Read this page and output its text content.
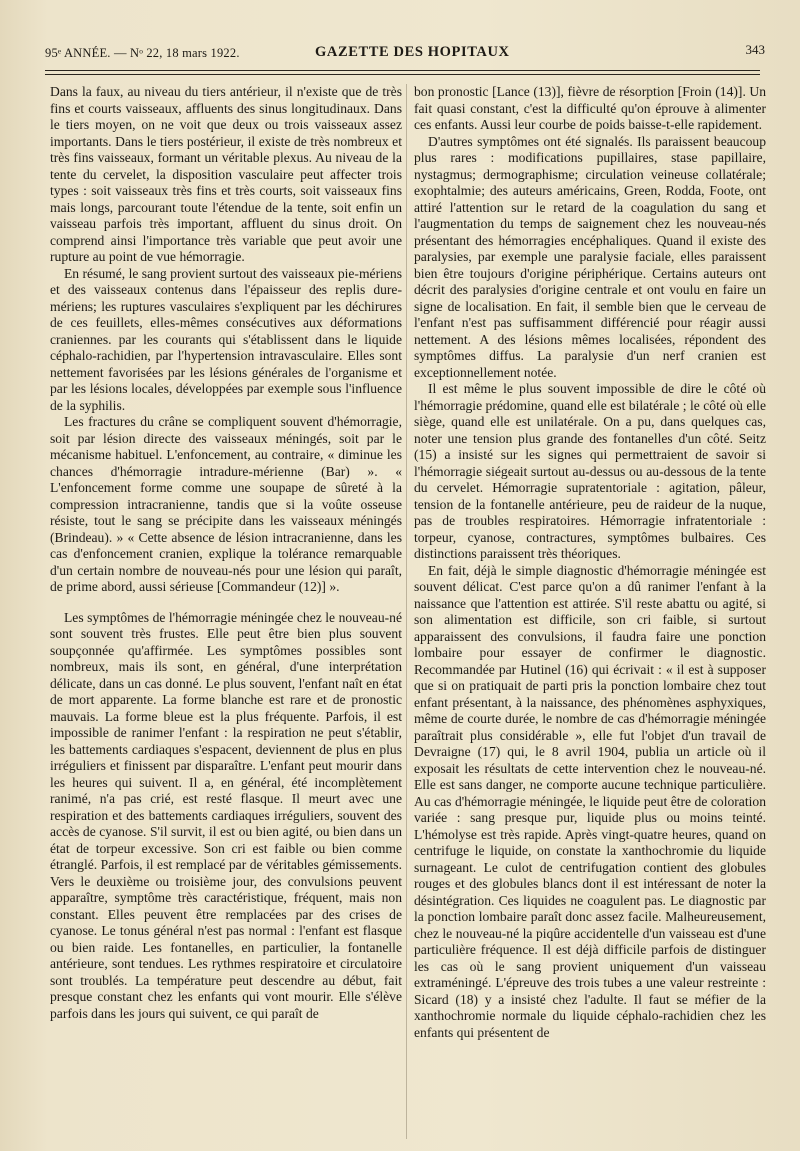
95ᵉ ANNÉE. — Nᵒ 22, 18 mars 1922.	GAZETTE DES HOPITAUX	343

Dans la faux, au niveau du tiers antérieur, il n'existe que de très fins et courts vaisseaux, affluents des sinus longitudinaux. Dans le tiers moyen, on ne voit que deux ou trois vaisseaux assez importants. Dans le tiers postérieur, il existe de très nombreux et très fins vaisseaux, formant un véritable plexus. Au niveau de la tente du cervelet, la disposition vasculaire peut affecter trois types : soit vaisseaux très fins et très courts, soit vaisseaux fins mais longs, parcourant toute l'étendue de la tente, soit enfin un vaisseau parfois très important, affluent du sinus droit. On comprend ainsi l'importance très variable que peut avoir une rupture au point de vue hémorragie.

En résumé, le sang provient surtout des vaisseaux pie-mériens et des vaisseaux contenus dans l'épaisseur des replis dure-mériens; les ruptures vasculaires s'expliquent par les déchirures de ces feuillets, elles-mêmes consécutives aux déformations craniennes. par les courants qui s'établissent dans le liquide céphalo-rachidien, par l'hypertension intravasculaire. Elles sont nettement favorisées par les lésions générales de l'organisme et par les lésions locales, développées par exemple sous l'influence de la syphilis.

Les fractures du crâne se compliquent souvent d'hémorragie, soit par lésion directe des vaisseaux méningés, soit par le mécanisme habituel. L'enfoncement, au contraire, « diminue les chances d'hémorragie intradure-mérienne (Bar) ». « L'enfoncement forme comme une soupape de sûreté à la compression intracranienne, tandis que si la voûte osseuse résiste, tout le sang se précipite dans les vaisseaux méningés (Brindeau). » « Cette absence de lésion intracranienne, dans les cas d'enfoncement cranien, explique la tolérance remarquable d'un certain nombre de nouveau-nés pour une lésion qui paraît, de prime abord, aussi sérieuse [Commandeur (12)] ».

Les symptômes de l'hémorragie méningée chez le nouveau-né sont souvent très frustes. Elle peut être bien plus souvent soupçonnée qu'affirmée. Les symptômes possibles sont nombreux, mais ils sont, en général, d'une interprétation délicate, dans un cas donné. Le plus souvent, l'enfant naît en état de mort apparente. La forme blanche est rare et de pronostic mauvais. La forme bleue est la plus fréquente. Parfois, il est impossible de ranimer l'enfant : la respiration ne peut s'établir, les battements cardiaques s'espacent, deviennent de plus en plus irréguliers et finissent par disparaître. L'enfant peut mourir dans les heures qui suivent. Il a, en général, été incomplètement ranimé, n'a pas crié, est resté flasque. Il meurt avec une respiration et des battements cardiaques irréguliers, souvent des accès de cyanose. S'il survit, il est ou bien agité, ou bien dans un état de torpeur excessive. Son cri est faible ou bien comme étranglé. Parfois, il est remplacé par de véritables gémissements. Vers le deuxième ou troisième jour, des convulsions peuvent apparaître, symptôme très caractéristique, fréquent, mais non constant. Elles peuvent être remplacées par des crises de cyanose. Le tonus général n'est pas normal : l'enfant est flasque ou bien raide. Les fontanelles, en particulier, la fontanelle antérieure, sont tendues. Les rythmes respiratoire et circulatoire sont troublés. La température peut descendre au début, fait presque constant chez les enfants qui vont mourir. Elle s'élève parfois dans les jours qui suivent, ce qui paraît de

bon pronostic [Lance (13)], fièvre de résorption [Froin (14)]. Un fait quasi constant, c'est la difficulté qu'on éprouve à alimenter ces enfants. Aussi leur courbe de poids baisse-t-elle rapidement.

D'autres symptômes ont été signalés. Ils paraissent beaucoup plus rares : modifications pupillaires, stase papillaire, nystagmus; dermographisme; circulation veineuse collatérale; exophtalmie; des auteurs américains, Green, Rodda, Foote, ont attiré l'attention sur le retard de la coagulation du sang et l'augmentation du temps de saignement chez les nouveau-nés présentant des hémorragies encéphaliques. Quand il existe des paralysies, par exemple une paralysie faciale, elles paraissent bien être toujours d'origine périphérique. Certains auteurs ont décrit des paralysies d'origine centrale et ont voulu en faire un signe de localisation. En fait, il semble bien que le cerveau de l'enfant n'est pas suffisamment différencié pour réagir aussi nettement. A des lésions mêmes localisées, répondent des symptômes diffus. La paralysie d'un nerf cranien est exceptionnellement notée.

Il est même le plus souvent impossible de dire le côté où l'hémorragie prédomine, quand elle est bilatérale ; le côté où elle siège, quand elle est unilatérale. On a pu, dans quelques cas, noter une tension plus grande des fontanelles d'un côté. Seitz (15) a insisté sur les signes qui permettraient de savoir si l'hémorragie siégeait surtout au-dessus ou au-dessous de la tente du cervelet. Hémorragie supratentoriale : agitation, pâleur, tension de la fontanelle antérieure, peu de raideur de la nuque, pas de troubles respiratoires. Hémorragie infratentoriale : torpeur, cyanose, contractures, symptômes bulbaires. Ces distinctions paraissent très théoriques.

En fait, déjà le simple diagnostic d'hémorragie méningée est souvent délicat. C'est parce qu'on a dû ranimer l'enfant à la naissance que l'attention est attirée. S'il reste abattu ou agité, si son alimentation est difficile, son cri faible, si surtout apparaissent des convulsions, il faudra faire une ponction lombaire pour essayer de confirmer le diagnostic. Recommandée par Hutinel (16) qui écrivait : « il est à supposer que si on pratiquait de parti pris la ponction lombaire chez tout enfant présentant, à la naissance, des phénomènes asphyxiques, même de courte durée, le nombre de cas d'hémorragie méningée paraîtrait plus considérable », elle fut l'objet d'un travail de Devraigne (17) qui, le 8 avril 1904, publia un article où il exposait les résultats de cette intervention chez le nouveau-né. Elle est sans danger, ne comporte aucune technique particulière. Au cas d'hémorragie méningée, le liquide peut être de coloration variée : sang presque pur, liquide plus ou moins teinté. L'hémolyse est très rapide. Après vingt-quatre heures, quand on centrifuge le liquide, on constate la xanthochromie du liquide surnageant. Le culot de centrifugation contient des globules rouges et des globules blancs dont il est intéressant de noter la désintégration. Ces liquides ne coagulent pas. Le diagnostic par la ponction lombaire paraît donc assez facile. Malheureusement, chez le nouveau-né la piqûre accidentelle d'un vaisseau est d'une particulière fréquence. Il est déjà difficile parfois de distinguer les cas où le sang provient uniquement d'un vaisseau extraméningé. L'épreuve des trois tubes a une valeur restreinte : Sicard (18) y a insisté chez l'adulte. Il faut se méfier de la xanthochromie normale du liquide céphalo-rachidien chez les enfants qui présentent de
